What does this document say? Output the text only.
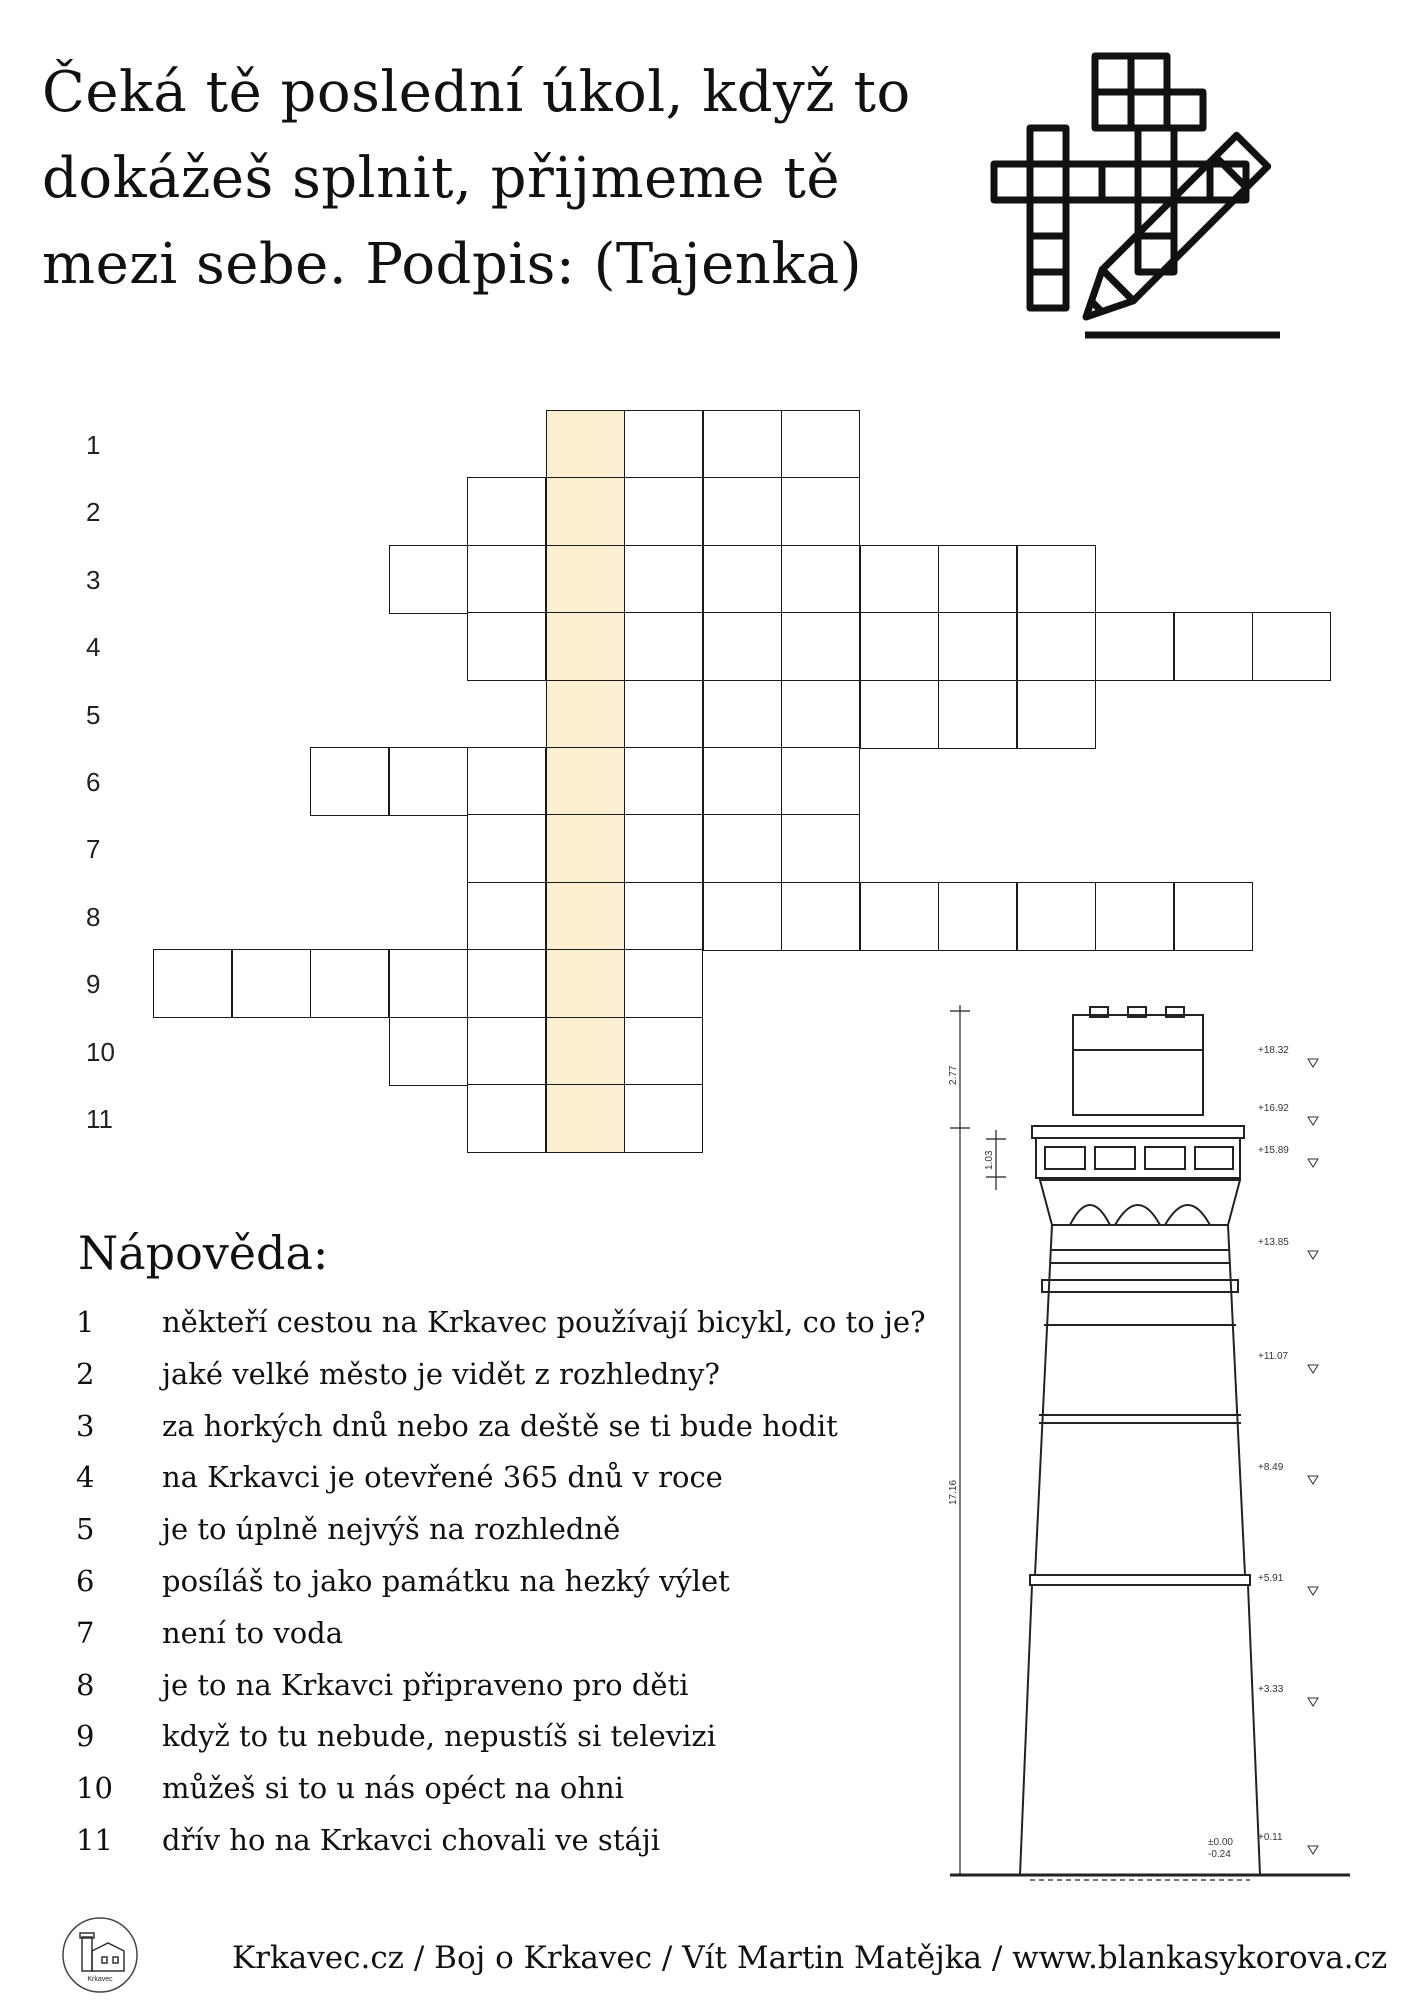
Čeká tě poslední úkol, když to dokážeš splnit, přijmeme tě mezi sebe. Podpis: (Tajenka)
1
2
3
4
5
6
7
8
9
10
11
Nápověda:
1	někteří cestou na Krkavec používají bicykl, co to je?
2	jaké velké město je vidět z rozhledny?
3	za horkých dnů nebo za deště se ti bude hodit
4	na Krkavci je otevřené 365 dnů v roce
5	je to úplně nejvýš na rozhledně
6	posíláš to jako památku na hezký výlet
7	není to voda
8	je to na Krkavci připraveno pro děti
9	když to tu nebude, nepustíš si televizi
10	můžeš si to u nás opéct na ohni
11	dřív ho na Krkavci chovali ve stáji
+18.32
+16.92
+15.89
+13.85
+11.07
+8.49
+5.91
+3.33
+0.11
±0.00
-0.24
2.77
1.03
17.16
Krkavec
Krkavec.cz / Boj o Krkavec / Vít Martin Matějka / www.blankasykorova.cz
